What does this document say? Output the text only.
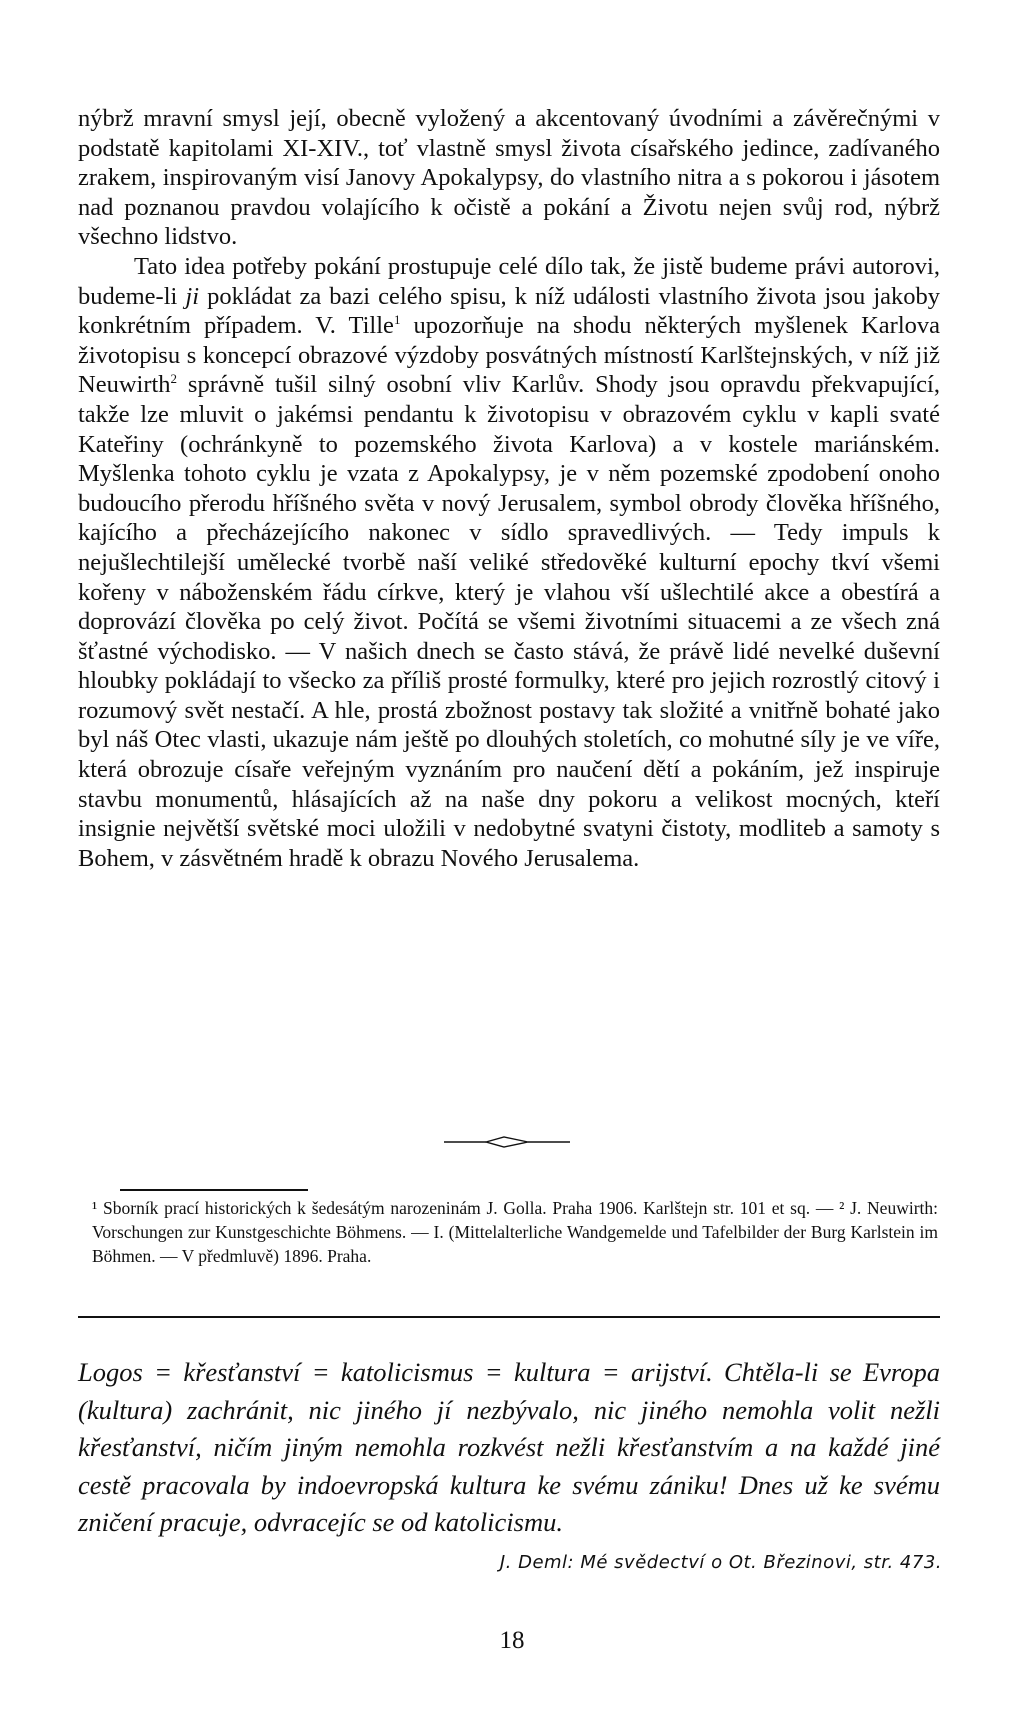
nýbrž mravní smysl její, obecně vyložený a akcentovaný úvodními a závěrečnými v podstatě kapitolami XI-XIV., toť vlastně smysl života císařského jedince, zadívaného zrakem, inspirovaným visí Janovy Apokalypsy, do vlastního nitra a s pokorou i jásotem nad poznanou pravdou volajícího k očistě a pokání a Životu nejen svůj rod, nýbrž všechno lidstvo.

Tato idea potřeby pokání prostupuje celé dílo tak, že jistě budeme právi autorovi, budeme-li ji pokládat za bazi celého spisu, k níž události vlastního života jsou jakoby konkrétním případem. V. Tille$^1$ upozorňuje na shodu některých myšlenek Karlova životopisu s koncepcí obrazové výzdoby posvátných místností Karlštejnských, v níž již Neuwirth$^2$ správně tušil silný osobní vliv Karlův. Shody jsou opravdu překvapující, takže lze mluvit o jakémsi pendantu k životopisu v obrazovém cyklu v kapli svaté Kateřiny (ochránkyně to pozemského života Karlova) a v kostele mariánském. Myšlenka tohoto cyklu je vzata z Apokalypsy, je v něm pozemské zpodobení onoho budoucího přerodu hříšného světa v nový Jerusalem, symbol obrody člověka hříšného, kajícího a přecházejícího nakonec v sídlo spravedlivých. — Tedy impuls k nejušlechtilejší umělecké tvorbě naší veliké středověké kulturní epochy tkví všemi kořeny v náboženském řádu církve, který je vlahou vší ušlechtilé akce a obestírá a doprovází člověka po celý život. Počítá se všemi životními situacemi a ze všech zná šťastné východisko. — V našich dnech se často stává, že právě lidé nevelké duševní hloubky pokládají to všecko za příliš prosté formulky, které pro jejich rozrostlý citový i rozumový svět nestačí. A hle, prostá zbožnost postavy tak složité a vnitřně bohaté jako byl náš Otec vlasti, ukazuje nám ještě po dlouhých stoletích, co mohutné síly je ve víře, která obrozuje císaře veřejným vyznáním pro naučení dětí a pokáním, jež inspiruje stavbu monumentů, hlásajících až na naše dny pokoru a velikost mocných, kteří insignie největší světské moci uložili v nedobytné svatyni čistoty, modliteb a samoty s Bohem, v zásvětném hradě k obrazu Nového Jerusalema.

¹ Sborník prací historických k šedesátým narozeninám J. Golla. Praha 1906. Karlštejn str. 101 et sq. — ² J. Neuwirth: Vorschungen zur Kunstgeschichte Böhmens. — I. (Mittelalterliche Wandgemelde und Tafelbilder der Burg Karlstein im Böhmen. — V předmluvě) 1896. Praha.

Logos = křesťanství = katolicismus = kultura = arijství. Chtěla-li se Evropa (kultura) zachránit, nic jiného jí nezbývalo, nic jiného nemohla volit nežli křesťanství, ničím jiným nemohla rozkvést nežli křesťanstvím a na každé jiné cestě pracovala by indoevropská kultura ke svému zániku! Dnes už ke svému zničení pracuje, odvracejíc se od katolicismu.

J. Deml: Mé svědectví o Ot. Březinovi, str. 473.
18
